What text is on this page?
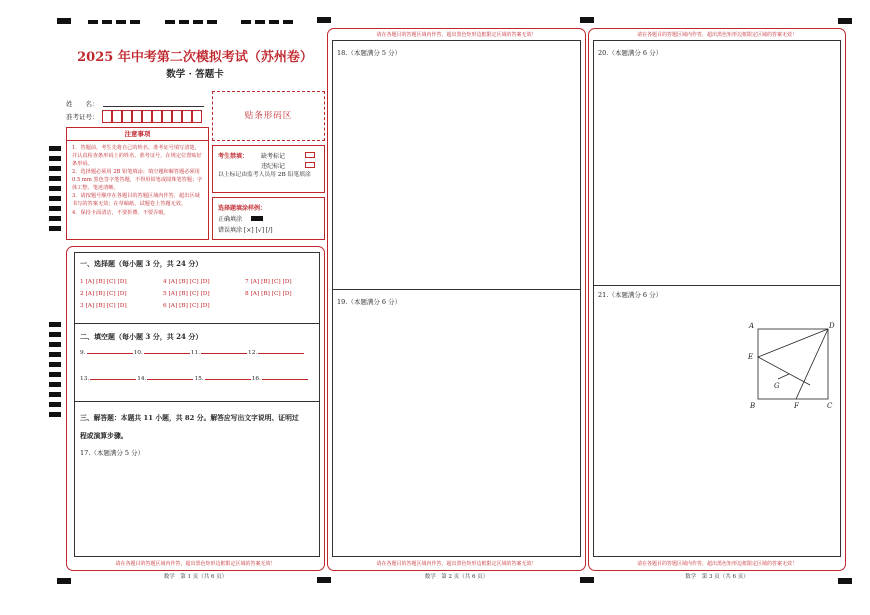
2025 年中考第二次模拟考试（苏州卷）
数学 · 答题卡
姓　　名：
准考证号：	贴条形码区
注意事项
1．答题前，考生先将自己的姓名、准考证号填写清楚，并认真检查条形码上的姓名、准考证号，在规定位置贴好条形码。
2．选择题必须用 2B 铅笔填涂；填空题和解答题必须用 0.5 mm 黑色签字笔答题，不得用铅笔或圆珠笔答题；字体工整、笔迹清晰。
3．请按题号顺序在各题目的答题区域内作答，超出区域书写的答案无效；在草稿纸、试题卷上答题无效。
4．保持卡面清洁，不要折叠、不要弄破。
考生禁填： 缺考标记
违纪标记
以上标记由监考人员用 2B 铅笔填涂
选择题填涂样例：
正确填涂
错误填涂 [×] [√] [/]
一、选择题（每小题 3 分，共 24 分）
1 [A] [B] [C] [D]	4 [A] [B] [C] [D]	7 [A] [B] [C] [D]
2 [A] [B] [C] [D]	5 [A] [B] [C] [D]	8 [A] [B] [C] [D]
3 [A] [B] [C] [D]	6 [A] [B] [C] [D]
二、填空题（每小题 3 分，共 24 分）
9.	10.	11.	12.
13.	14.	15.	16.
三、解答题：本题共 11 小题，共 82 分。解答应写出文字说明、证明过
程或演算步骤。
17.（本题满分 5 分）
请在各题目的答题区域内作答，超出黑色矩形边框限定区域的答案无效！
数学　第 1 页（共 6 页）
请在各题目的答题区域内作答，超出黑色矩形边框限定区域的答案无效！
18.（本题满分 5 分）
19.（本题满分 6 分）
请在各题目的答题区域内作答，超出黑色矩形边框限定区域的答案无效！
数学　第 2 页（共 6 页）
请在各题目的答题区域内作答，超出黑色矩形边框限定区域的答案无效！
20.（本题满分 6 分）
21.（本题满分 6 分）
A	D
E
G
B	F	C
请在各题目的答题区域内作答，超出黑色矩形边框限定区域的答案无效！
数学　第 3 页（共 6 页）
